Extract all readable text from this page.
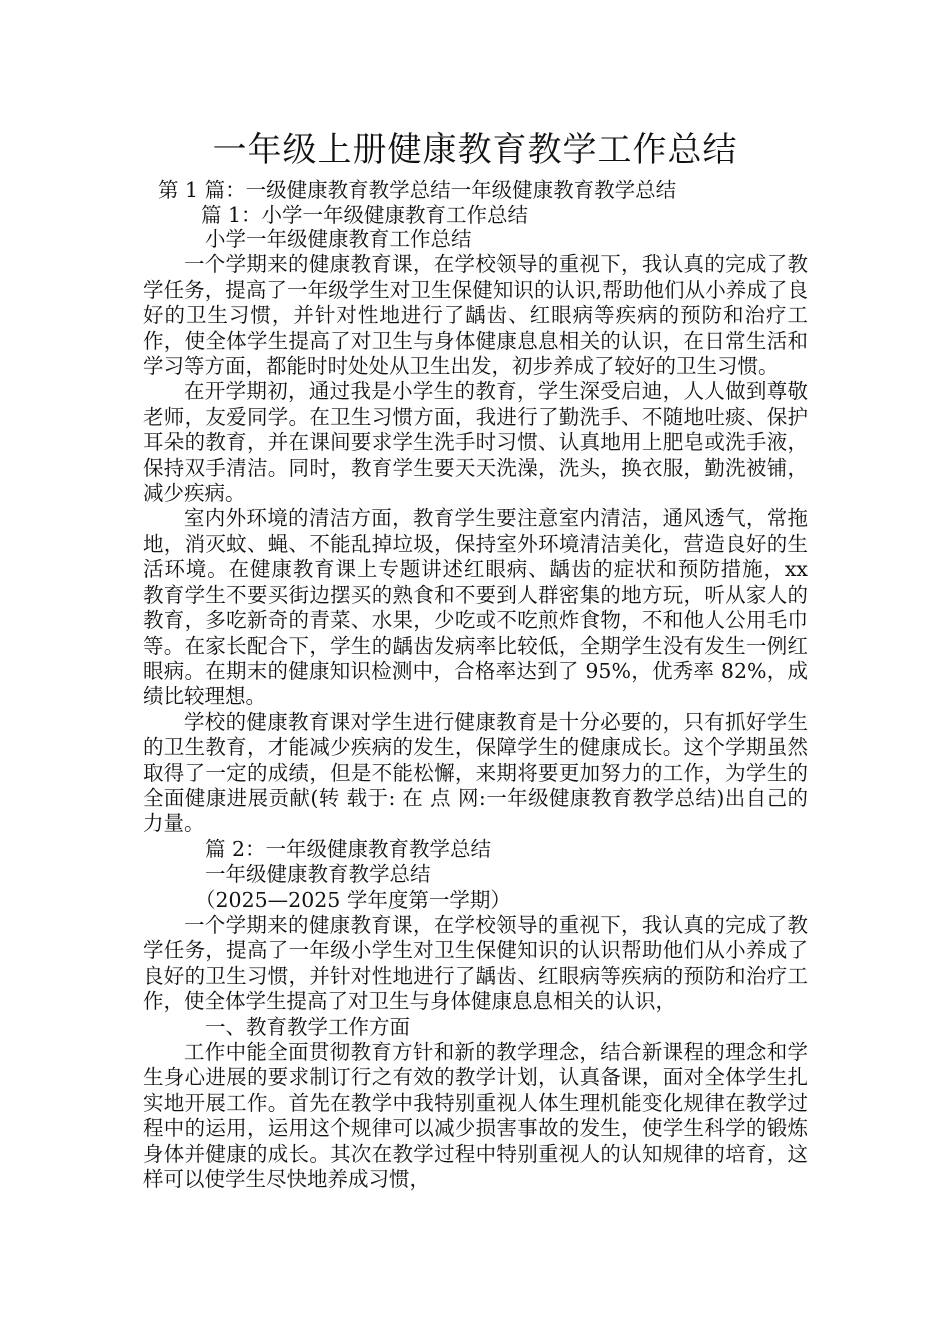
一年级上册健康教育教学工作总结
第 1 篇：一级健康教育教学总结一年级健康教育教学总结
篇 1：小学一年级健康教育工作总结

小学一年级健康教育工作总结

一个学期来的健康教育课，在学校领导的重视下，我认真的完成了教学任务，提高了一年级学生对卫生保健知识的认识,帮助他们从小养成了良好的卫生习惯，并针对性地进行了龋齿、红眼病等疾病的预防和治疗工作，使全体学生提高了对卫生与身体健康息息相关的认识，在日常生活和学习等方面，都能时时处处从卫生出发，初步养成了较好的卫生习惯。

在开学期初，通过我是小学生的教育，学生深受启迪，人人做到尊敬老师，友爱同学。在卫生习惯方面，我进行了勤洗手、不随地吐痰、保护耳朵的教育，并在课间要求学生洗手时习惯、认真地用上肥皂或洗手液，保持双手清洁。同时，教育学生要天天洗澡，洗头，换衣服，勤洗被铺，减少疾病。

室内外环境的清洁方面，教育学生要注意室内清洁，通风透气，常拖地，消灭蚊、蝇、不能乱掉垃圾，保持室外环境清洁美化，营造良好的生活环境。在健康教育课上专题讲述红眼病、龋齿的症状和预防措施，xx 教育学生不要买街边摆买的熟食和不要到人群密集的地方玩，听从家人的教育，多吃新奇的青菜、水果，少吃或不吃煎炸食物，不和他人公用毛巾等。在家长配合下，学生的龋齿发病率比较低，全期学生没有发生一例红眼病。在期末的健康知识检测中，合格率达到了 95%，优秀率 82%，成绩比较理想。

学校的健康教育课对学生进行健康教育是十分必要的，只有抓好学生的卫生教育，才能减少疾病的发生，保障学生的健康成长。这个学期虽然取得了一定的成绩，但是不能松懈，来期将要更加努力的工作，为学生的全面健康进展贡献(转 载于: 在 点 网:一年级健康教育教学总结)出自己的力量。

篇 2：一年级健康教育教学总结

一年级健康教育教学总结

（2025—2025 学年度第一学期）

一个学期来的健康教育课，在学校领导的重视下，我认真的完成了教学任务，提高了一年级小学生对卫生保健知识的认识帮助他们从小养成了良好的卫生习惯，并针对性地进行了龋齿、红眼病等疾病的预防和治疗工作，使全体学生提高了对卫生与身体健康息息相关的认识，

一、教育教学工作方面

工作中能全面贯彻教育方针和新的教学理念，结合新课程的理念和学生身心进展的要求制订行之有效的教学计划，认真备课，面对全体学生扎实地开展工作。首先在教学中我特别重视人体生理机能变化规律在教学过程中的运用，运用这个规律可以减少损害事故的发生，使学生科学的锻炼身体并健康的成长。其次在教学过程中特别重视人的认知规律的培育，这样可以使学生尽快地养成习惯，
